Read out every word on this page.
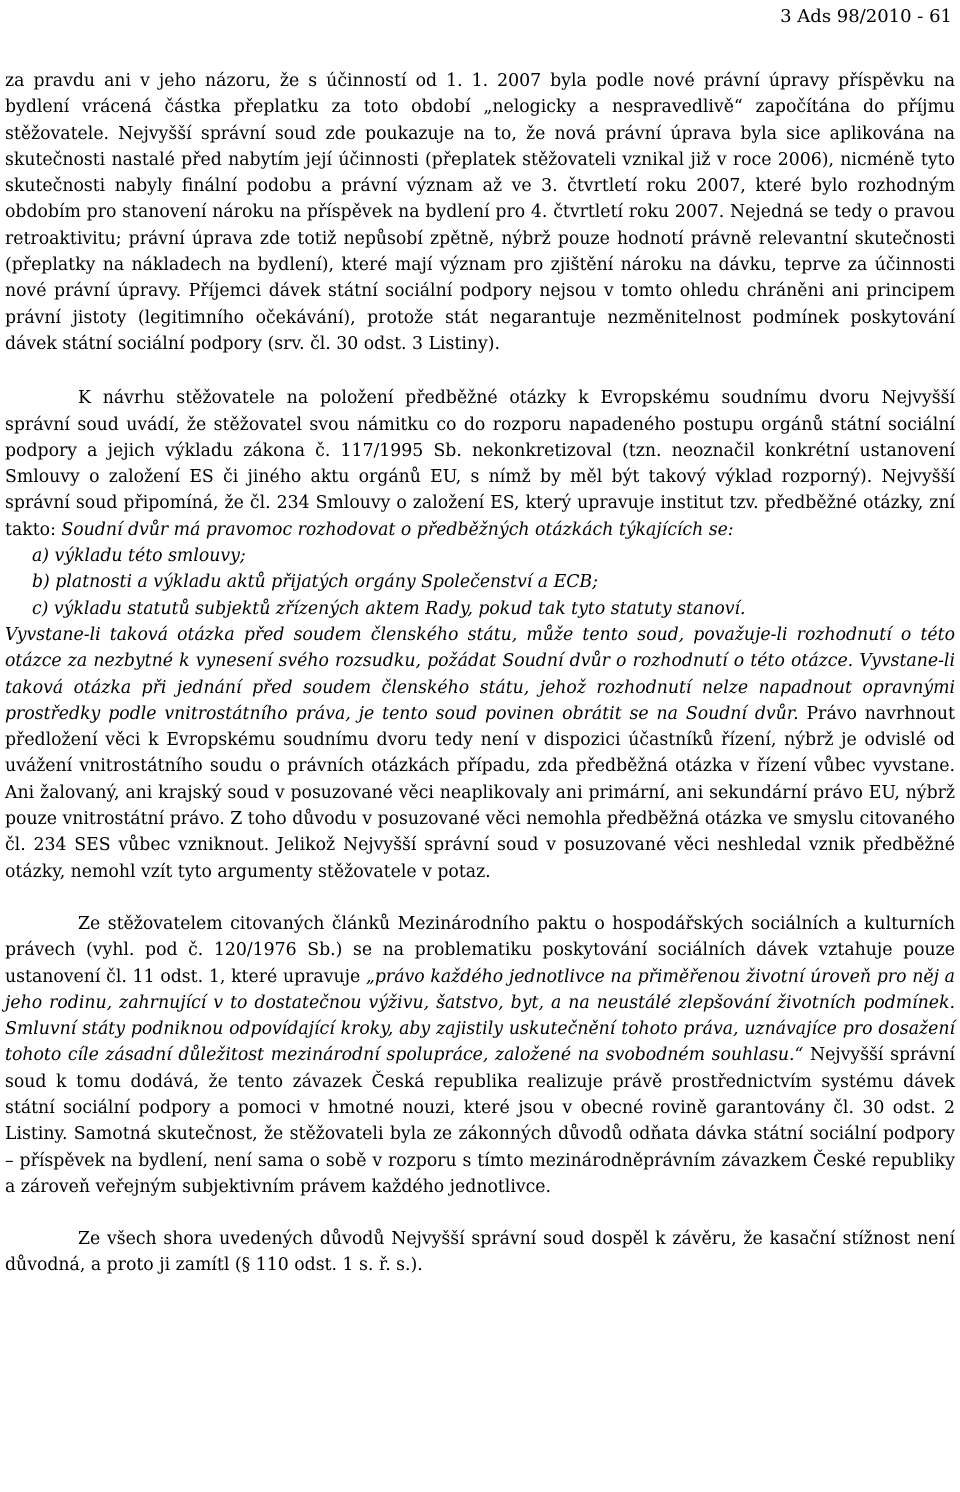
3 Ads 98/2010 - 61

za pravdu ani v jeho názoru, že s účinností od 1. 1. 2007 byla podle nové právní úpravy příspěvku na bydlení vrácená částka přeplatku za toto období „nelogicky a nespravedlivě“ započítána do příjmu stěžovatele. Nejvyšší správní soud zde poukazuje na to, že nová právní úprava byla sice aplikována na skutečnosti nastalé před nabytím její účinnosti (přeplatek stěžovateli vznikal již v roce 2006), nicméně tyto skutečnosti nabyly finální podobu a právní význam až ve 3. čtvrtletí roku 2007, které bylo rozhodným obdobím pro stanovení nároku na příspěvek na bydlení pro 4. čtvrtletí roku 2007. Nejedná se tedy o pravou retroaktivitu; právní úprava zde totiž nepůsobí zpětně, nýbrž pouze hodnotí právně relevantní skutečnosti (přeplatky na nákladech na bydlení), které mají význam pro zjištění nároku na dávku, teprve za účinnosti nové právní úpravy. Příjemci dávek státní sociální podpory nejsou v tomto ohledu chráněni ani principem právní jistoty (legitimního očekávání), protože stát negarantuje nezměnitelnost podmínek poskytování dávek státní sociální podpory (srv. čl. 30 odst. 3 Listiny).

K návrhu stěžovatele na položení předběžné otázky k Evropskému soudnímu dvoru Nejvyšší správní soud uvádí, že stěžovatel svou námitku co do rozporu napadeného postupu orgánů státní sociální podpory a jejich výkladu zákona č. 117/1995 Sb. nekonkretizoval (tzn. neoznačil konkrétní ustanovení Smlouvy o založení ES či jiného aktu orgánů EU, s nímž by měl být takový výklad rozporný). Nejvyšší správní soud připomíná, že čl. 234 Smlouvy o založení ES, který upravuje institut tzv. předběžné otázky, zní takto: Soudní dvůr má pravomoc rozhodovat o předběžných otázkách týkajících se:

a) výkladu této smlouvy;

b) platnosti a výkladu aktů přijatých orgány Společenství a ECB;

c) výkladu statutů subjektů zřízených aktem Rady, pokud tak tyto statuty stanoví.

Vyvstane-li taková otázka před soudem členského státu, může tento soud, považuje-li rozhodnutí o této otázce za nezbytné k vynesení svého rozsudku, požádat Soudní dvůr o rozhodnutí o této otázce. Vyvstane-li taková otázka při jednání před soudem členského státu, jehož rozhodnutí nelze napadnout opravnými prostředky podle vnitrostátního práva, je tento soud povinen obrátit se na Soudní dvůr. Právo navrhnout předložení věci k Evropskému soudnímu dvoru tedy není v dispozici účastníků řízení, nýbrž je odvislé od uvážení vnitrostátního soudu o právních otázkách případu, zda předběžná otázka v řízení vůbec vyvstane. Ani žalovaný, ani krajský soud v posuzované věci neaplikovaly ani primární, ani sekundární právo EU, nýbrž pouze vnitrostátní právo. Z toho důvodu v posuzované věci nemohla předběžná otázka ve smyslu citovaného čl. 234 SES vůbec vzniknout. Jelikož Nejvyšší správní soud v posuzované věci neshledal vznik předběžné otázky, nemohl vzít tyto argumenty stěžovatele v potaz.

Ze stěžovatelem citovaných článků Mezinárodního paktu o hospodářských sociálních a kulturních právech (vyhl. pod č. 120/1976 Sb.) se na problematiku poskytování sociálních dávek vztahuje pouze ustanovení čl. 11 odst. 1, které upravuje „právo každého jednotlivce na přiměřenou životní úroveň pro něj a jeho rodinu, zahrnující v to dostatečnou výživu, šatstvo, byt, a na neustálé zlepšování životních podmínek. Smluvní státy podniknou odpovídající kroky, aby zajistily uskutečnění tohoto práva, uznávajíce pro dosažení tohoto cíle zásadní důležitost mezinárodní spolupráce, založené na svobodném souhlasu.“ Nejvyšší správní soud k tomu dodává, že tento závazek Česká republika realizuje právě prostřednictvím systému dávek státní sociální podpory a pomoci v hmotné nouzi, které jsou v obecné rovině garantovány čl. 30 odst. 2 Listiny. Samotná skutečnost, že stěžovateli byla ze zákonných důvodů odňata dávka státní sociální podpory – příspěvek na bydlení, není sama o sobě v rozporu s tímto mezinárodněprávním závazkem České republiky a zároveň veřejným subjektivním právem každého jednotlivce.

Ze všech shora uvedených důvodů Nejvyšší správní soud dospěl k závěru, že kasační stížnost není důvodná, a proto ji zamítl (§ 110 odst. 1 s. ř. s.).
